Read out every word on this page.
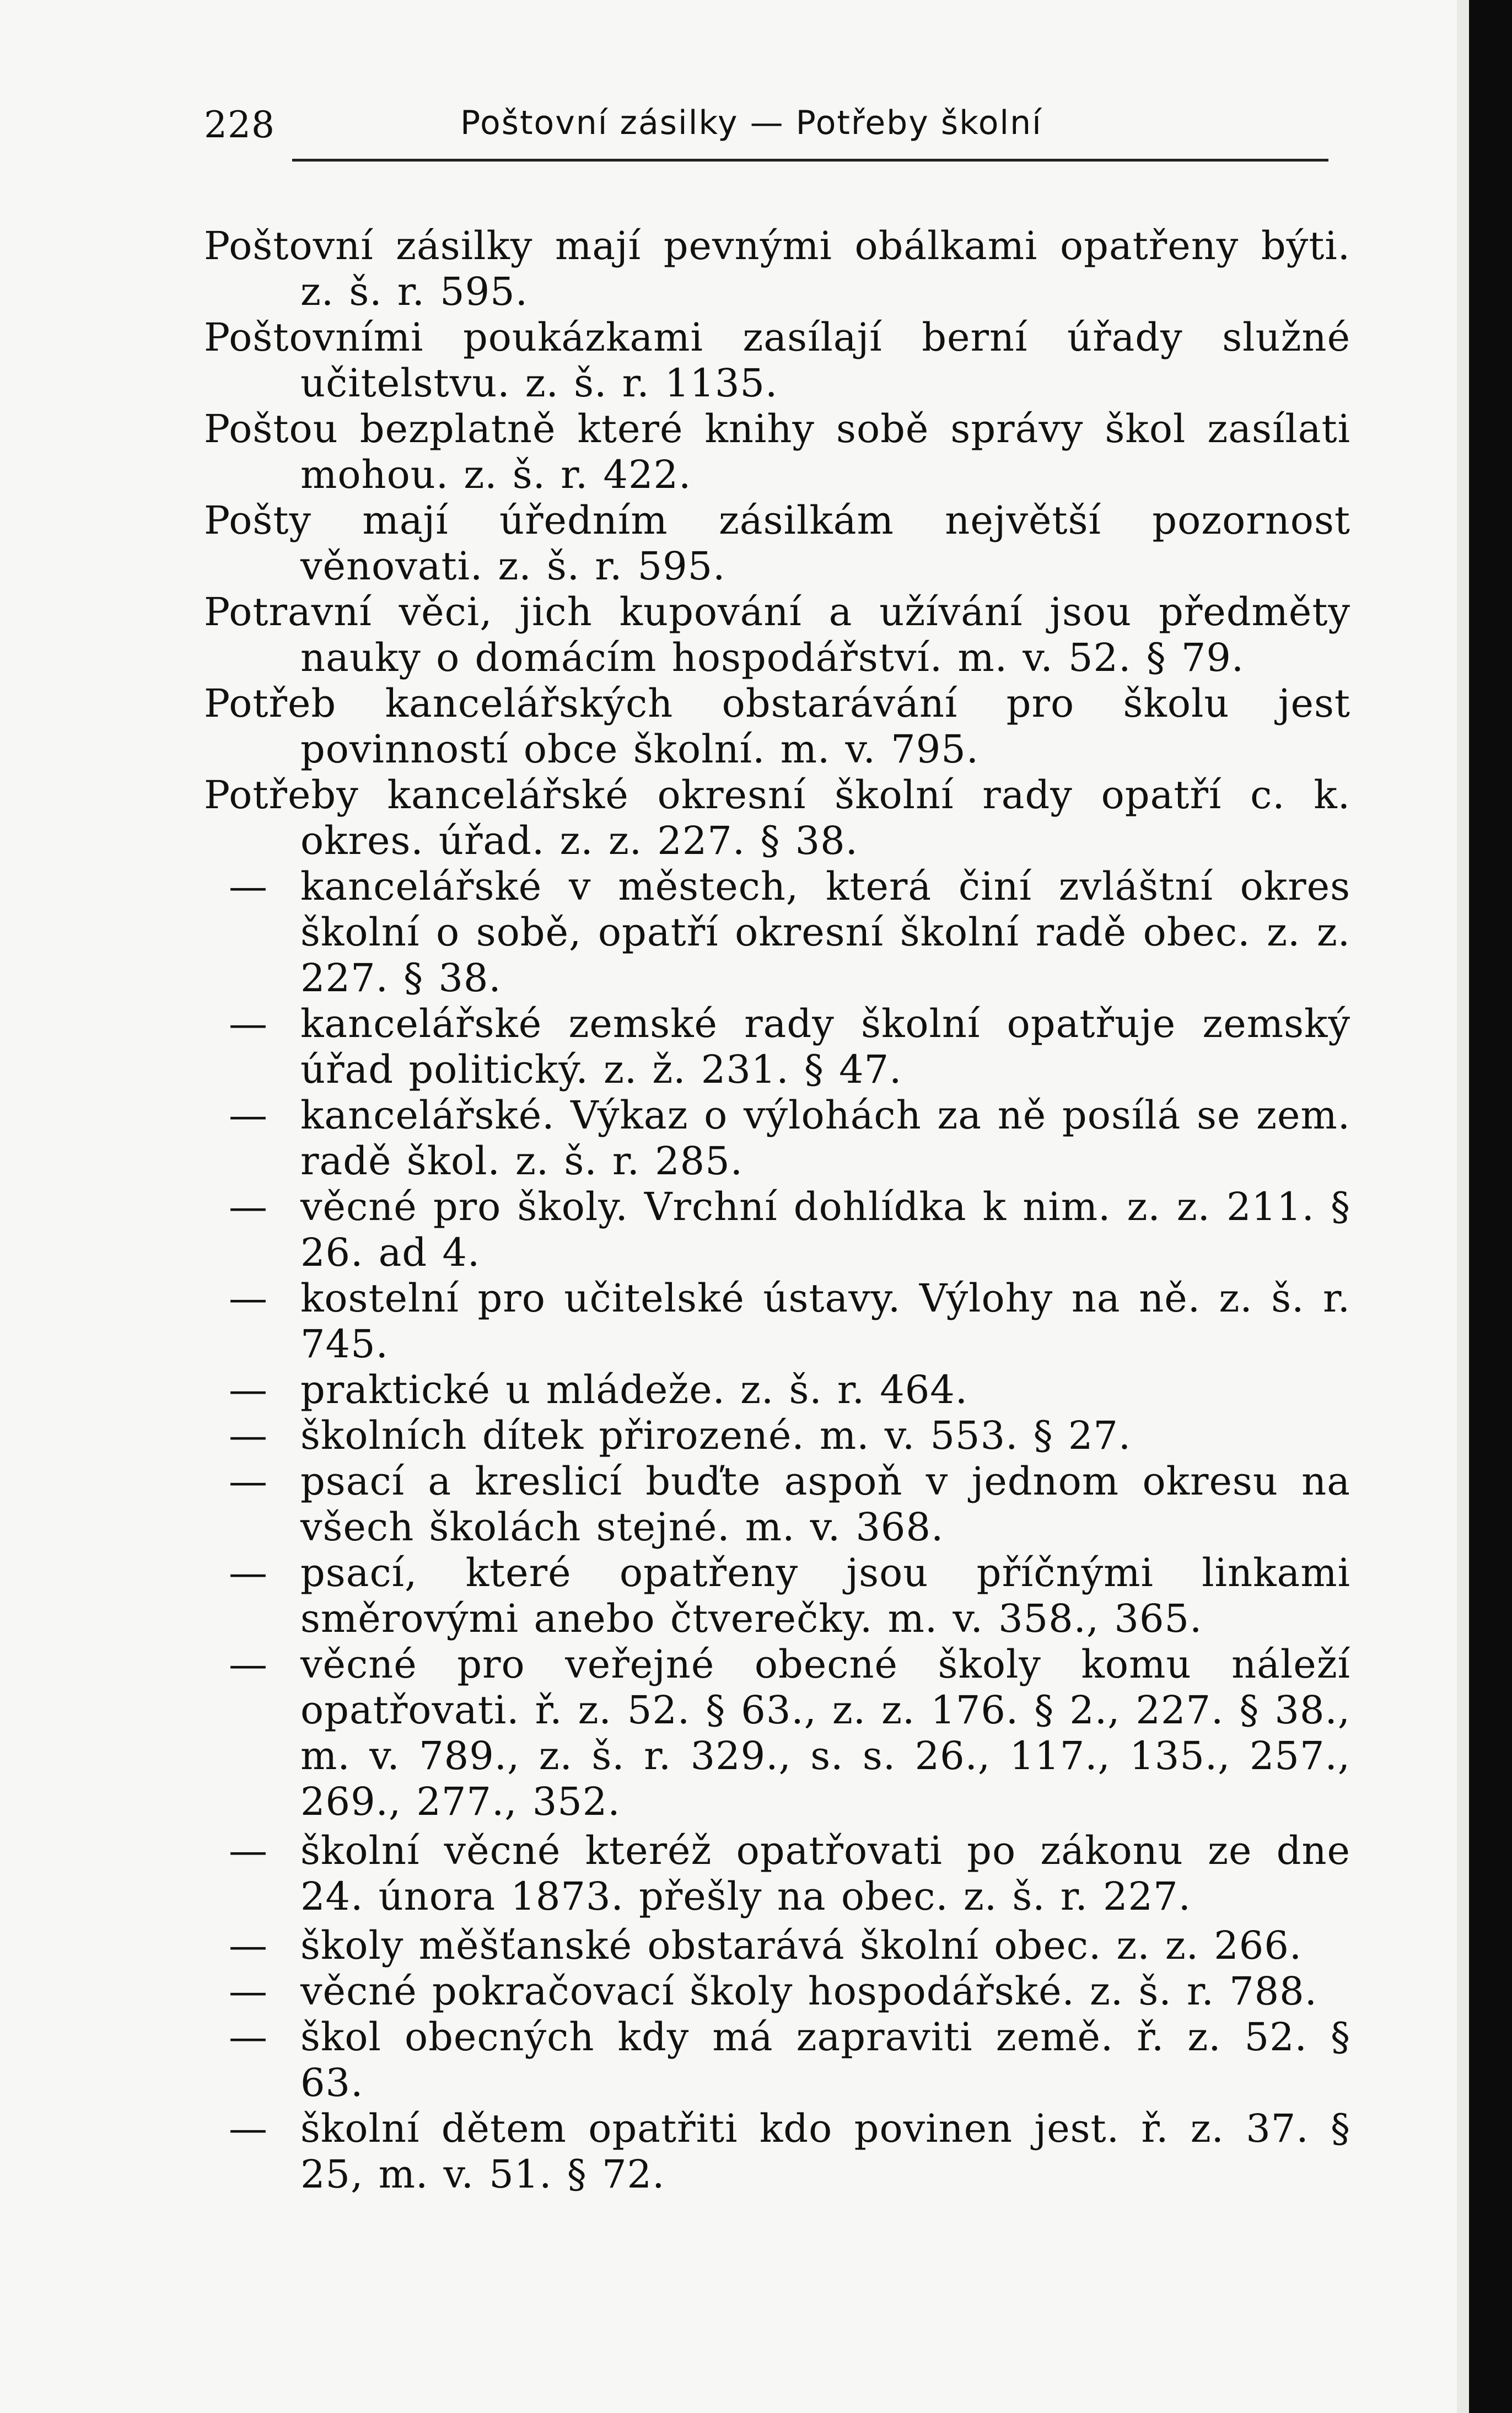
228	Poštovní zásilky — Potřeby školní
Poštovní zásilky mají pevnými obálkami opatřeny býti. z. š. r. 595.
Poštovními poukázkami zasílají berní úřady služné učitelstvu. z. š. r. 1135.
Poštou bezplatně které knihy sobě správy škol zasílati mohou. z. š. r. 422.
Pošty mají úředním zásilkám největší pozornost věnovati. z. š. r. 595.
Potravní věci, jich kupování a užívání jsou předměty nauky o domácím hospodářství. m. v. 52. § 79.
Potřeb kancelářských obstarávání pro školu jest povinností obce školní. m. v. 795.
Potřeby kancelářské okresní školní rady opatří c. k. okres. úřad. z. z. 227. § 38.
— kancelářské v městech, která činí zvláštní okres školní o sobě, opatří okresní školní radě obec. z. z. 227. § 38.
— kancelářské zemské rady školní opatřuje zemský úřad politický. z. ž. 231. § 47.
— kancelářské. Výkaz o výlohách za ně posílá se zem. radě škol. z. š. r. 285.
— věcné pro školy. Vrchní dohlídka k nim. z. z. 211. § 26. ad 4.
— kostelní pro učitelské ústavy. Výlohy na ně. z. š. r. 745.
— praktické u mládeže. z. š. r. 464.
— školních dítek přirozené. m. v. 553. § 27.
— psací a kreslicí buďte aspoň v jednom okresu na všech školách stejné. m. v. 368.
— psací, které opatřeny jsou příčnými linkami směrovými anebo čtverečky. m. v. 358., 365.
— věcné pro veřejné obecné školy komu náleží opatřovati. ř. z. 52. § 63., z. z. 176. § 2., 227. § 38., m. v. 789., z. š. r. 329., s. s. 26., 117., 135., 257., 269., 277., 352.
— školní věcné kteréž opatřovati po zákonu ze dne 24. února 1873. přešly na obec. z. š. r. 227.
— školy měšťanské obstarává školní obec. z. z. 266.
— věcné pokračovací školy hospodářské. z. š. r. 788.
— škol obecných kdy má zapraviti země. ř. z. 52. § 63.
— školní dětem opatřiti kdo povinen jest. ř. z. 37. § 25, m. v. 51. § 72.
